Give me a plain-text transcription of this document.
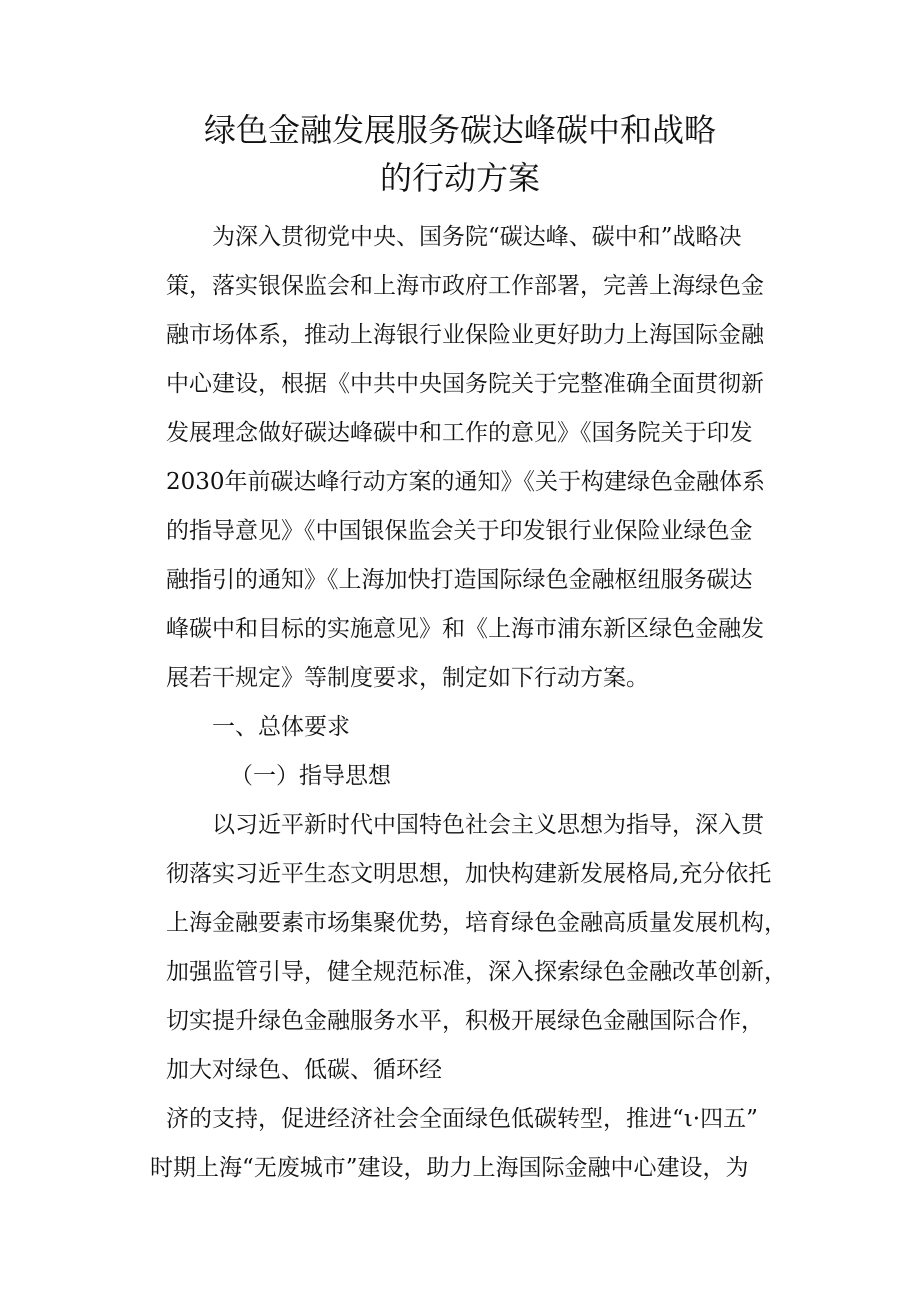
绿色金融发展服务碳达峰碳中和战略
的行动方案
为深入贯彻党中央、国务院“碳达峰、碳中和”战略决
策，落实银保监会和上海市政府工作部署，完善上海绿色金
融市场体系，推动上海银行业保险业更好助力上海国际金融
中心建设，根据《中共中央国务院关于完整准确全面贯彻新
发展理念做好碳达峰碳中和工作的意见》《国务院关于印发
2030年前碳达峰行动方案的通知》《关于构建绿色金融体系
的指导意见》《中国银保监会关于印发银行业保险业绿色金
融指引的通知》《上海加快打造国际绿色金融枢纽服务碳达
峰碳中和目标的实施意见》和《上海市浦东新区绿色金融发
展若干规定》等制度要求，制定如下行动方案。
一、总体要求
（一）指导思想
以习近平新时代中国特色社会主义思想为指导，深入贯
彻落实习近平生态文明思想，加快构建新发展格局,充分依托
上海金融要素市场集聚优势，培育绿色金融高质量发展机构，
加强监管引导，健全规范标准，深入探索绿色金融改革创新，
切实提升绿色金融服务水平，积极开展绿色金融国际合作，
加大对绿色、低碳、循环经
济的支持，促进经济社会全面绿色低碳转型，推进“ι·四五”
时期上海“无废城市”建设，助力上海国际金融中心建设，为
